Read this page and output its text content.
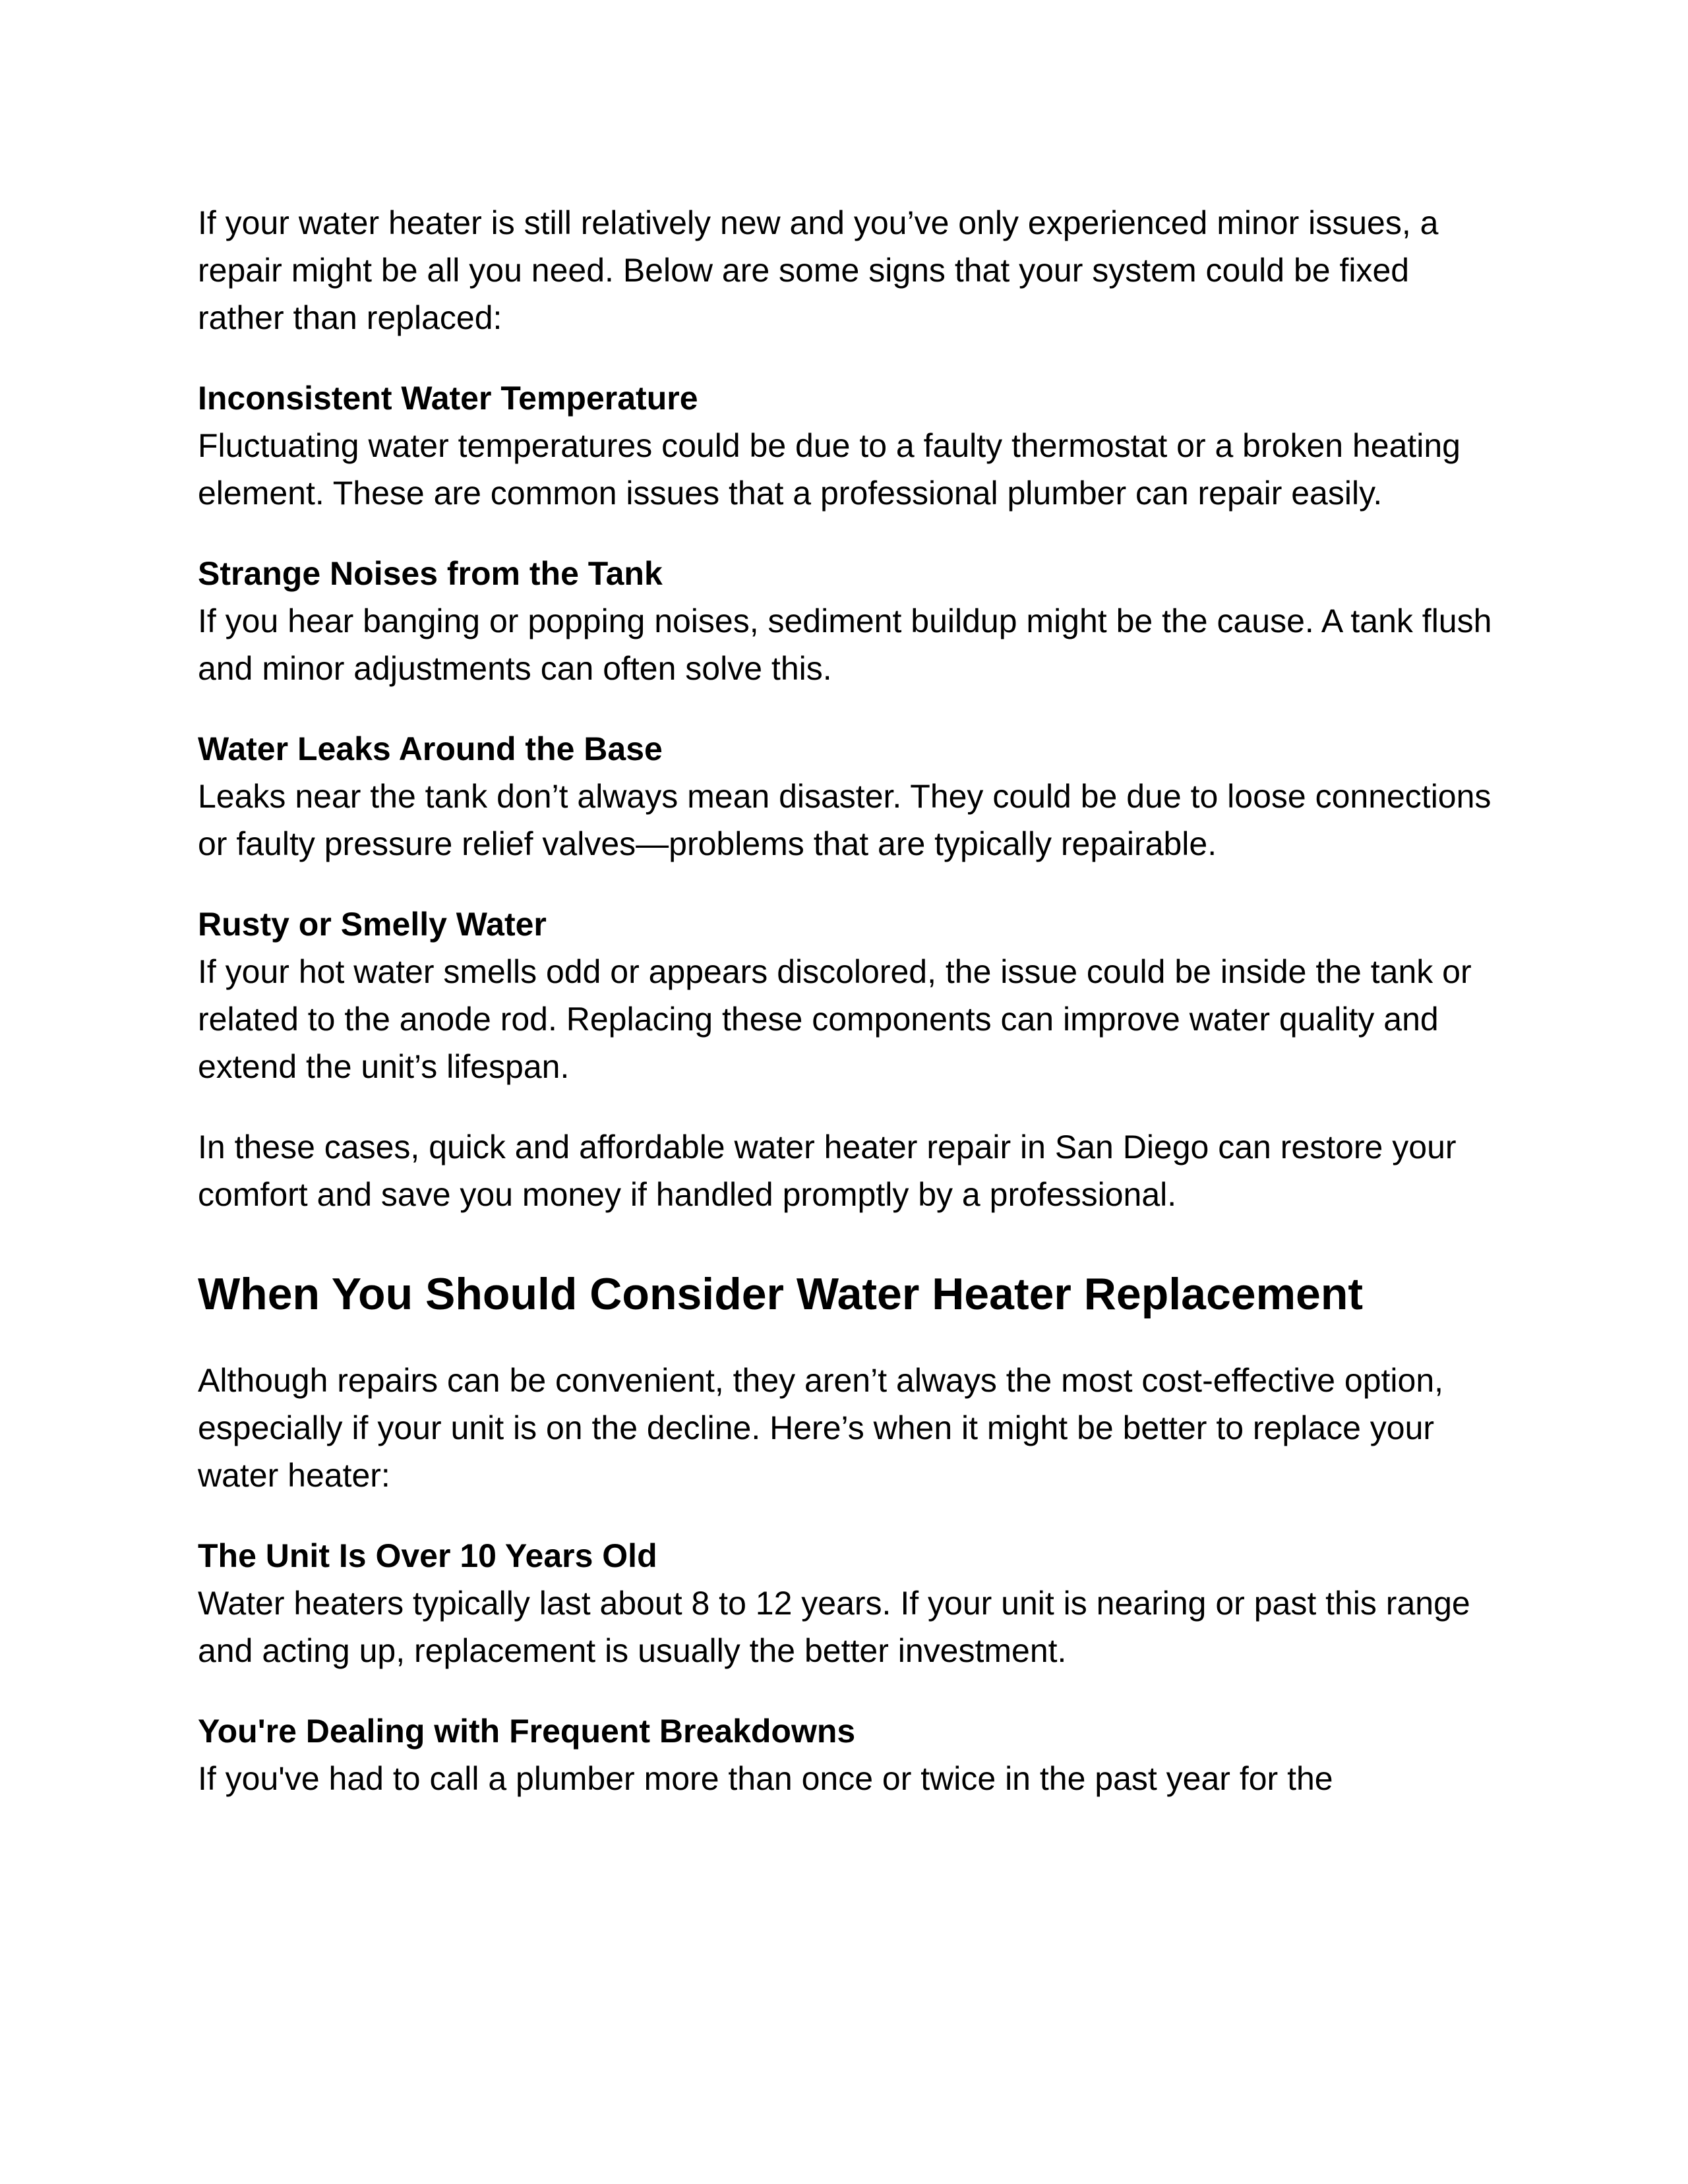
If your water heater is still relatively new and you’ve only experienced minor issues, a repair might be all you need. Below are some signs that your system could be fixed rather than replaced:

Inconsistent Water Temperature

Fluctuating water temperatures could be due to a faulty thermostat or a broken heating element. These are common issues that a professional plumber can repair easily.

Strange Noises from the Tank

If you hear banging or popping noises, sediment buildup might be the cause. A tank flush and minor adjustments can often solve this.

Water Leaks Around the Base

Leaks near the tank don’t always mean disaster. They could be due to loose connections or faulty pressure relief valves—problems that are typically repairable.

Rusty or Smelly Water

If your hot water smells odd or appears discolored, the issue could be inside the tank or related to the anode rod. Replacing these components can improve water quality and extend the unit’s lifespan.

In these cases, quick and affordable water heater repair in San Diego can restore your comfort and save you money if handled promptly by a professional.

When You Should Consider Water Heater Replacement

Although repairs can be convenient, they aren’t always the most cost-effective option, especially if your unit is on the decline. Here’s when it might be better to replace your water heater:

The Unit Is Over 10 Years Old

Water heaters typically last about 8 to 12 years. If your unit is nearing or past this range and acting up, replacement is usually the better investment.

You're Dealing with Frequent Breakdowns

If you've had to call a plumber more than once or twice in the past year for the
